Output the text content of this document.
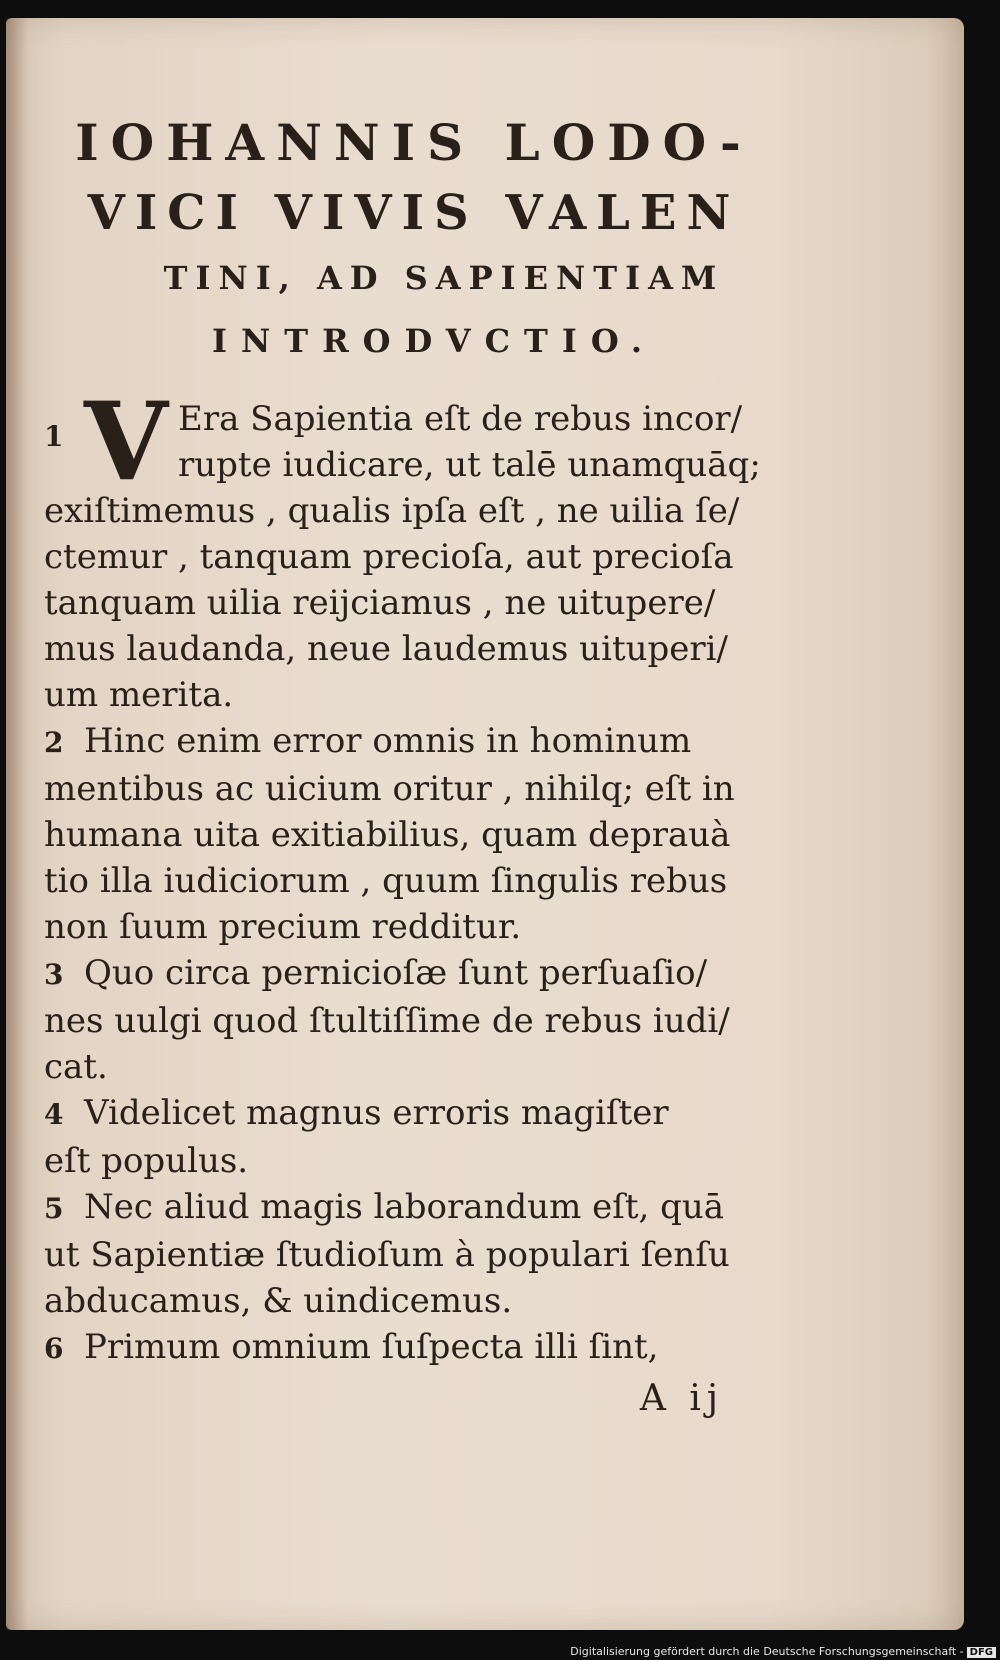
IOHANNIS LODO-

VICI VIVIS VALEN

TINI, AD SAPIENTIAM

INTRODVCTIO.

1 V Era Sapientia eſt de rebus incor/
rupte iudicare, ut talē unamquāq;
exiſtimemus , qualis ipſa eſt , ne uilia ſe/
ctemur , tanquam precioſa, aut precioſa
tanquam uilia reijciamus , ne uitupere/
mus laudanda, neue laudemus uituperi/
um merita.
2 Hinc enim error omnis in hominum
mentibus ac uicium oritur , nihilq; eſt in
humana uita exitiabilius, quam deprauà
tio illa iudiciorum , quum ſingulis rebus
non ſuum precium redditur.
3 Quo circa pernicioſæ ſunt perſuaſio/
nes uulgi quod ſtultiſſime de rebus iudi/
cat.
4 Videlicet magnus erroris magiſter
eſt populus.
5 Nec aliud magis laborandum eſt, quā
ut Sapientiæ ſtudioſum à populari ſenſu
abducamus, & uindicemus.
6 Primum omnium ſuſpecta illi ſint,
A ij
Digitalisierung gefördert durch die Deutsche Forschungsgemeinschaft - DFG
